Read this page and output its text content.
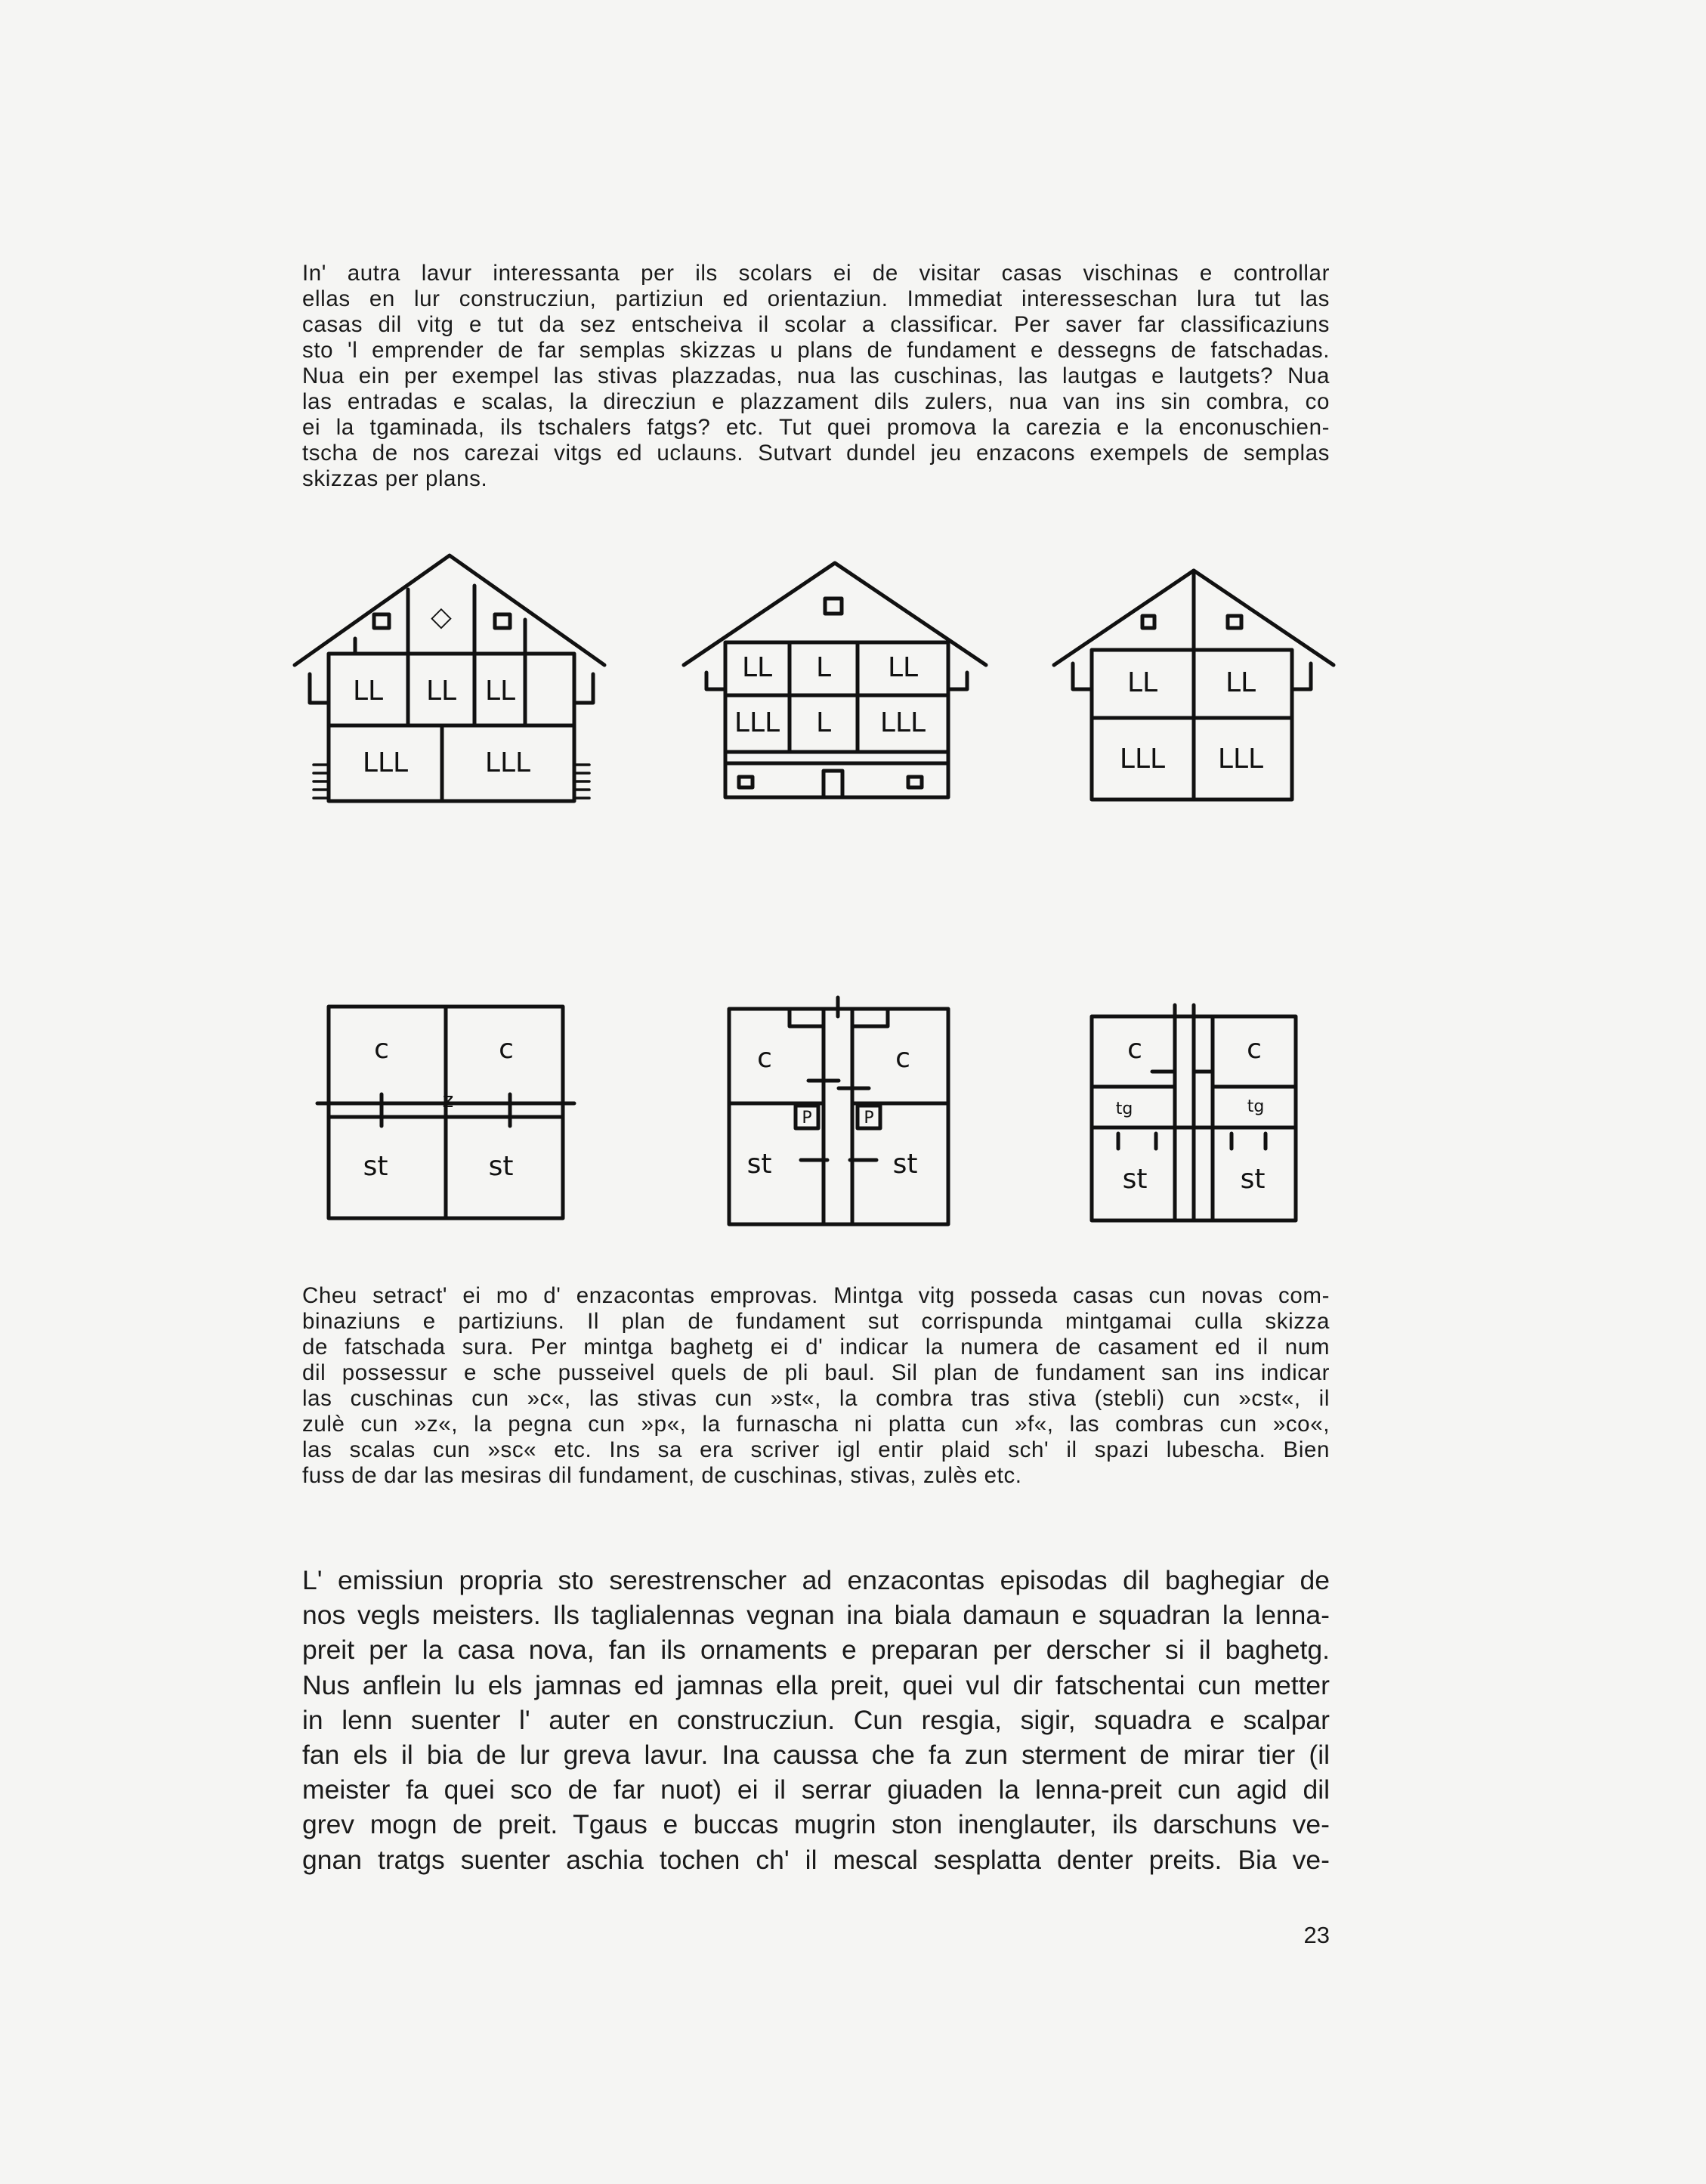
In' autra lavur interessanta per ils scolars ei de visitar casas vischinas e controllar
ellas en lur construcziun, partiziun ed orientaziun. Immediat interesseschan lura tut las
casas dil vitg e tut da sez entscheiva il scolar a classificar. Per saver far classificaziuns
sto 'l emprender de far semplas skizzas u plans de fundament e dessegns de fatschadas.
Nua ein per exempel las stivas plazzadas, nua las cuschinas, las lautgas e lautgets? Nua
las entradas e scalas, la direcziun e plazzament dils zulers, nua van ins sin combra, co
ei la tgaminada, ils tschalers fatgs? etc. Tut quei promova la carezia e la enconuschien-
tscha de nos carezai vitgs ed uclauns. Sutvart dundel jeu enzacons exempels de semplas
skizzas per plans.

◇
LL LL LL
LLL	LLL
LL L LL
LLL L LLL
LL LL
LLL LLL
c	c
z
st	st
P	P
c	c
st	st
c	c
tg	tg
st	st

Cheu setract' ei mo d' enzacontas emprovas. Mintga vitg posseda casas cun novas com-
binaziuns e partiziuns. Il plan de fundament sut corrispunda mintgamai culla skizza
de fatschada sura. Per mintga baghetg ei d' indicar la numera de casament ed il num
dil possessur e sche pusseivel quels de pli baul. Sil plan de fundament san ins indicar
las cuschinas cun »c«, las stivas cun »st«, la combra tras stiva (stebli) cun »cst«, il
zulè cun »z«, la pegna cun »p«, la furnascha ni platta cun »f«, las combras cun »co«,
las scalas cun »sc« etc. Ins sa era scriver igl entir plaid sch' il spazi lubescha. Bien
fuss de dar las mesiras dil fundament, de cuschinas, stivas, zulès etc.

L' emissiun propria sto serestrenscher ad enzacontas episodas dil baghegiar de
nos vegls meisters. Ils taglialennas vegnan ina biala damaun e squadran la lenna-
preit per la casa nova, fan ils ornaments e preparan per derscher si il baghetg.
Nus anflein lu els jamnas ed jamnas ella preit, quei vul dir fatschentai cun metter
in lenn suenter l' auter en construcziun. Cun resgia, sigir, squadra e scalpar
fan els il bia de lur greva lavur. Ina caussa che fa zun sterment de mirar tier (il
meister fa quei sco de far nuot) ei il serrar giuaden la lenna-preit cun agid dil
grev mogn de preit. Tgaus e buccas mugrin ston inenglauter, ils darschuns ve-
gnan tratgs suenter aschia tochen ch' il mescal sesplatta denter preits. Bia ve-

23
